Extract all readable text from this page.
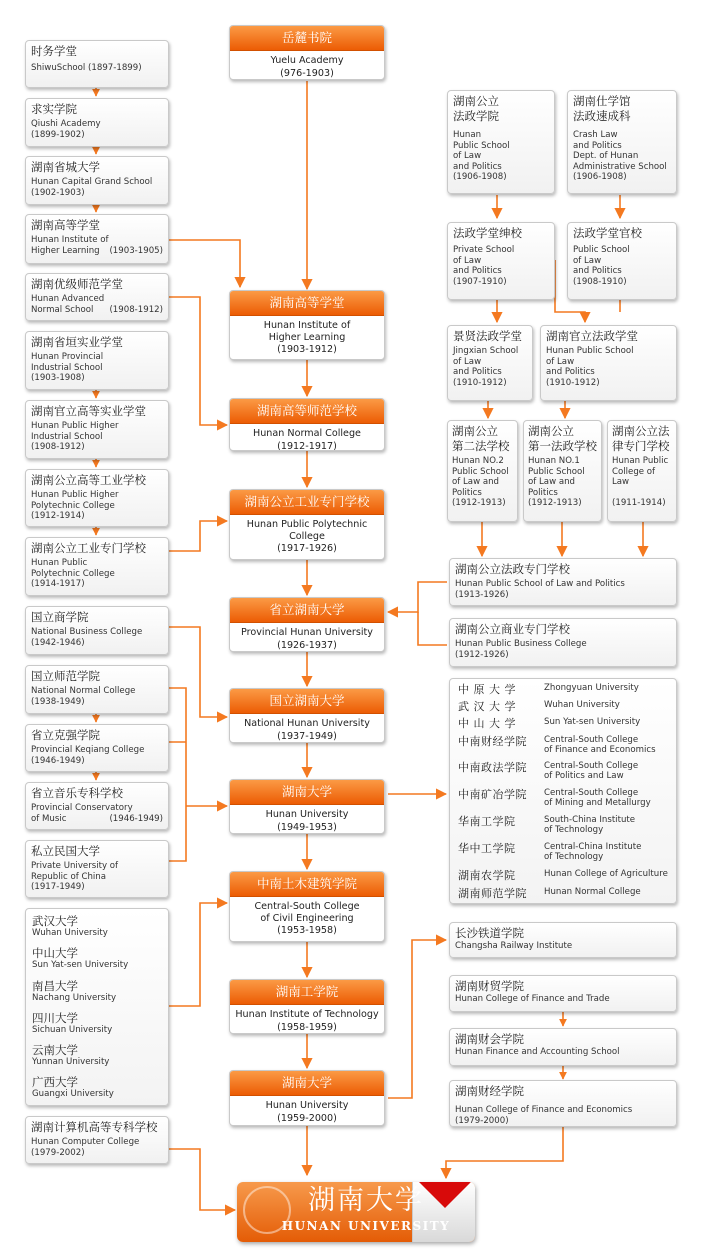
岳麓书院
Yuelu Academy
(976-1903)
湖南高等学堂
Hunan Institute of
Higher Learning
(1903-1912)
湖南高等师范学校
Hunan Normal College
(1912-1917)
湖南公立工业专门学校
Hunan Public Polytechnic
College
(1917-1926)
省立湖南大学
Provincial Hunan University
(1926-1937)
国立湖南大学
National Hunan University
(1937-1949)
湖南大学
Hunan University
(1949-1953)
中南土木建筑学院
Central-South College
of Civil Engineering
(1953-1958)
湖南工学院
Hunan Institute of Technology
(1958-1959)
湖南大学
Hunan University
(1959-2000)
时务学堂
ShiwuSchool (1897-1899)
求实学院
Qiushi Academy
(1899-1902)
湖南省城大学
Hunan Capital Grand School
(1902-1903)
湖南高等学堂
Hunan Institute of
Higher Learning (1903-1905)
湖南优级师范学堂
Hunan Advanced
Normal School (1908-1912)
湖南省垣实业学堂
Hunan Provincial
Industrial School
(1903-1908)
湖南官立高等实业学堂
Hunan Public Higher
Industrial School
(1908-1912)
湖南公立高等工业学校
Hunan Public Higher
Polytechnic College
(1912-1914)
湖南公立工业专门学校
Hunan Public
Polytechnic College
(1914-1917)
国立商学院
National Business College
(1942-1946)
国立师范学院
National Normal College
(1938-1949)
省立克强学院
Provincial Keqiang College
(1946-1949)
省立音乐专科学校
Provincial Conservatory
of Music	(1946-1949)
私立民国大学
Private University of
Republic of China
(1917-1949)
武汉大学
Wuhan University
中山大学
Sun Yat-sen University
南昌大学
Nachang University
四川大学
Sichuan University
云南大学
Yunnan University
广西大学
Guangxi University
湖南计算机高等专科学校
Hunan Computer College
(1979-2002)
湖南公立
法政学院
Hunan
Public School
of Law
and Politics
(1906-1908)
湖南仕学馆
法政速成科
Crash Law
and Politics
Dept. of Hunan
Administrative School
(1906-1908)
法政学堂绅校
Private School
of Law
and Politics
(1907-1910)
法政学堂官校
Public School
of Law
and Politics
(1908-1910)
景贤法政学堂
Jingxian School
of Law
and Politics
(1910-1912)
湖南官立法政学堂
Hunan Public School
of Law
and Politics
(1910-1912)
湖南公立
第二法学校
Hunan NO.2
Public School
of Law and
Politics
(1912-1913)
湖南公立
第一法政学校
Hunan NO.1
Public School
of Law and
Politics
(1912-1913)
湖南公立法
律专门学校
Hunan Public
College of
Law
(1911-1914)
湖南公立法政专门学校
Hunan Public School of Law and Politics
(1913-1926)
湖南公立商业专门学校
Hunan Public Business College
(1912-1926)
中 原 大 学	Zhongyuan University
武 汉 大 学	Wuhan University
中 山 大 学	Sun Yat-sen University
中南财经学院	Central-South College
of Finance and Economics
中南政法学院	Central-South College
of Politics and Law
中南矿冶学院	Central-South College
of Mining and Metallurgy
华南工学院	South-China Institute
of Technology
华中工学院	Central-China Institute
of Technology
湖南农学院	Hunan College of Agriculture
湖南师范学院	Hunan Normal College
长沙铁道学院
Changsha Railway Institute
湖南财贸学院
Hunan College of Finance and Trade
湖南财会学院
Hunan Finance and Accounting School
湖南财经学院
Hunan College of Finance and Economics
(1979-2000)
湖南大学
HUNAN UNIVERSITY
